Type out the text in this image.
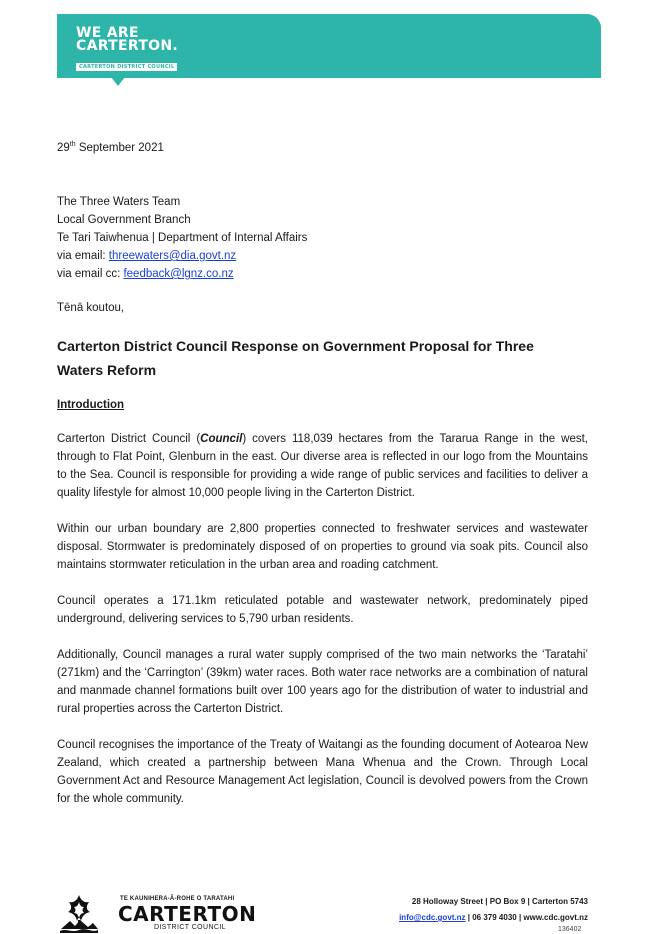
WE ARE
CARTERTON.
CARTERTON DISTRICT COUNCIL
29th September 2021
The Three Waters Team
Local Government Branch
Te Tari Taiwhenua | Department of Internal Affairs
via email: threewaters@dia.govt.nz
via email cc: feedback@lgnz.co.nz
Tēnā koutou,
Carterton District Council Response on Government Proposal for Three Waters Reform
Introduction

Carterton District Council (Council) covers 118,039 hectares from the Tararua Range in the west, through to Flat Point, Glenburn in the east. Our diverse area is reflected in our logo from the Mountains to the Sea. Council is responsible for providing a wide range of public services and facilities to deliver a quality lifestyle for almost 10,000 people living in the Carterton District.

Within our urban boundary are 2,800 properties connected to freshwater services and wastewater disposal. Stormwater is predominately disposed of on properties to ground via soak pits. Council also maintains stormwater reticulation in the urban area and roading catchment.

Council operates a 171.1km reticulated potable and wastewater network, predominately piped underground, delivering services to 5,790 urban residents.

Additionally, Council manages a rural water supply comprised of the two main networks the ‘Taratahi’ (271km) and the ‘Carrington’ (39km) water races. Both water race networks are a combination of natural and manmade channel formations built over 100 years ago for the distribution of water to industrial and rural properties across the Carterton District.

Council recognises the importance of the Treaty of Waitangi as the founding document of Aotearoa New Zealand, which created a partnership between Mana Whenua and the Crown. Through Local Government Act and Resource Management Act legislation, Council is devolved powers from the Crown for the whole community.

TE KAUNIHERA-Ā-ROHE O TARATAHI
CARTERTON
DISTRICT COUNCIL
28 Holloway Street | PO Box 9 | Carterton 5743
info@cdc.govt.nz | 06 379 4030 | www.cdc.govt.nz
136402
